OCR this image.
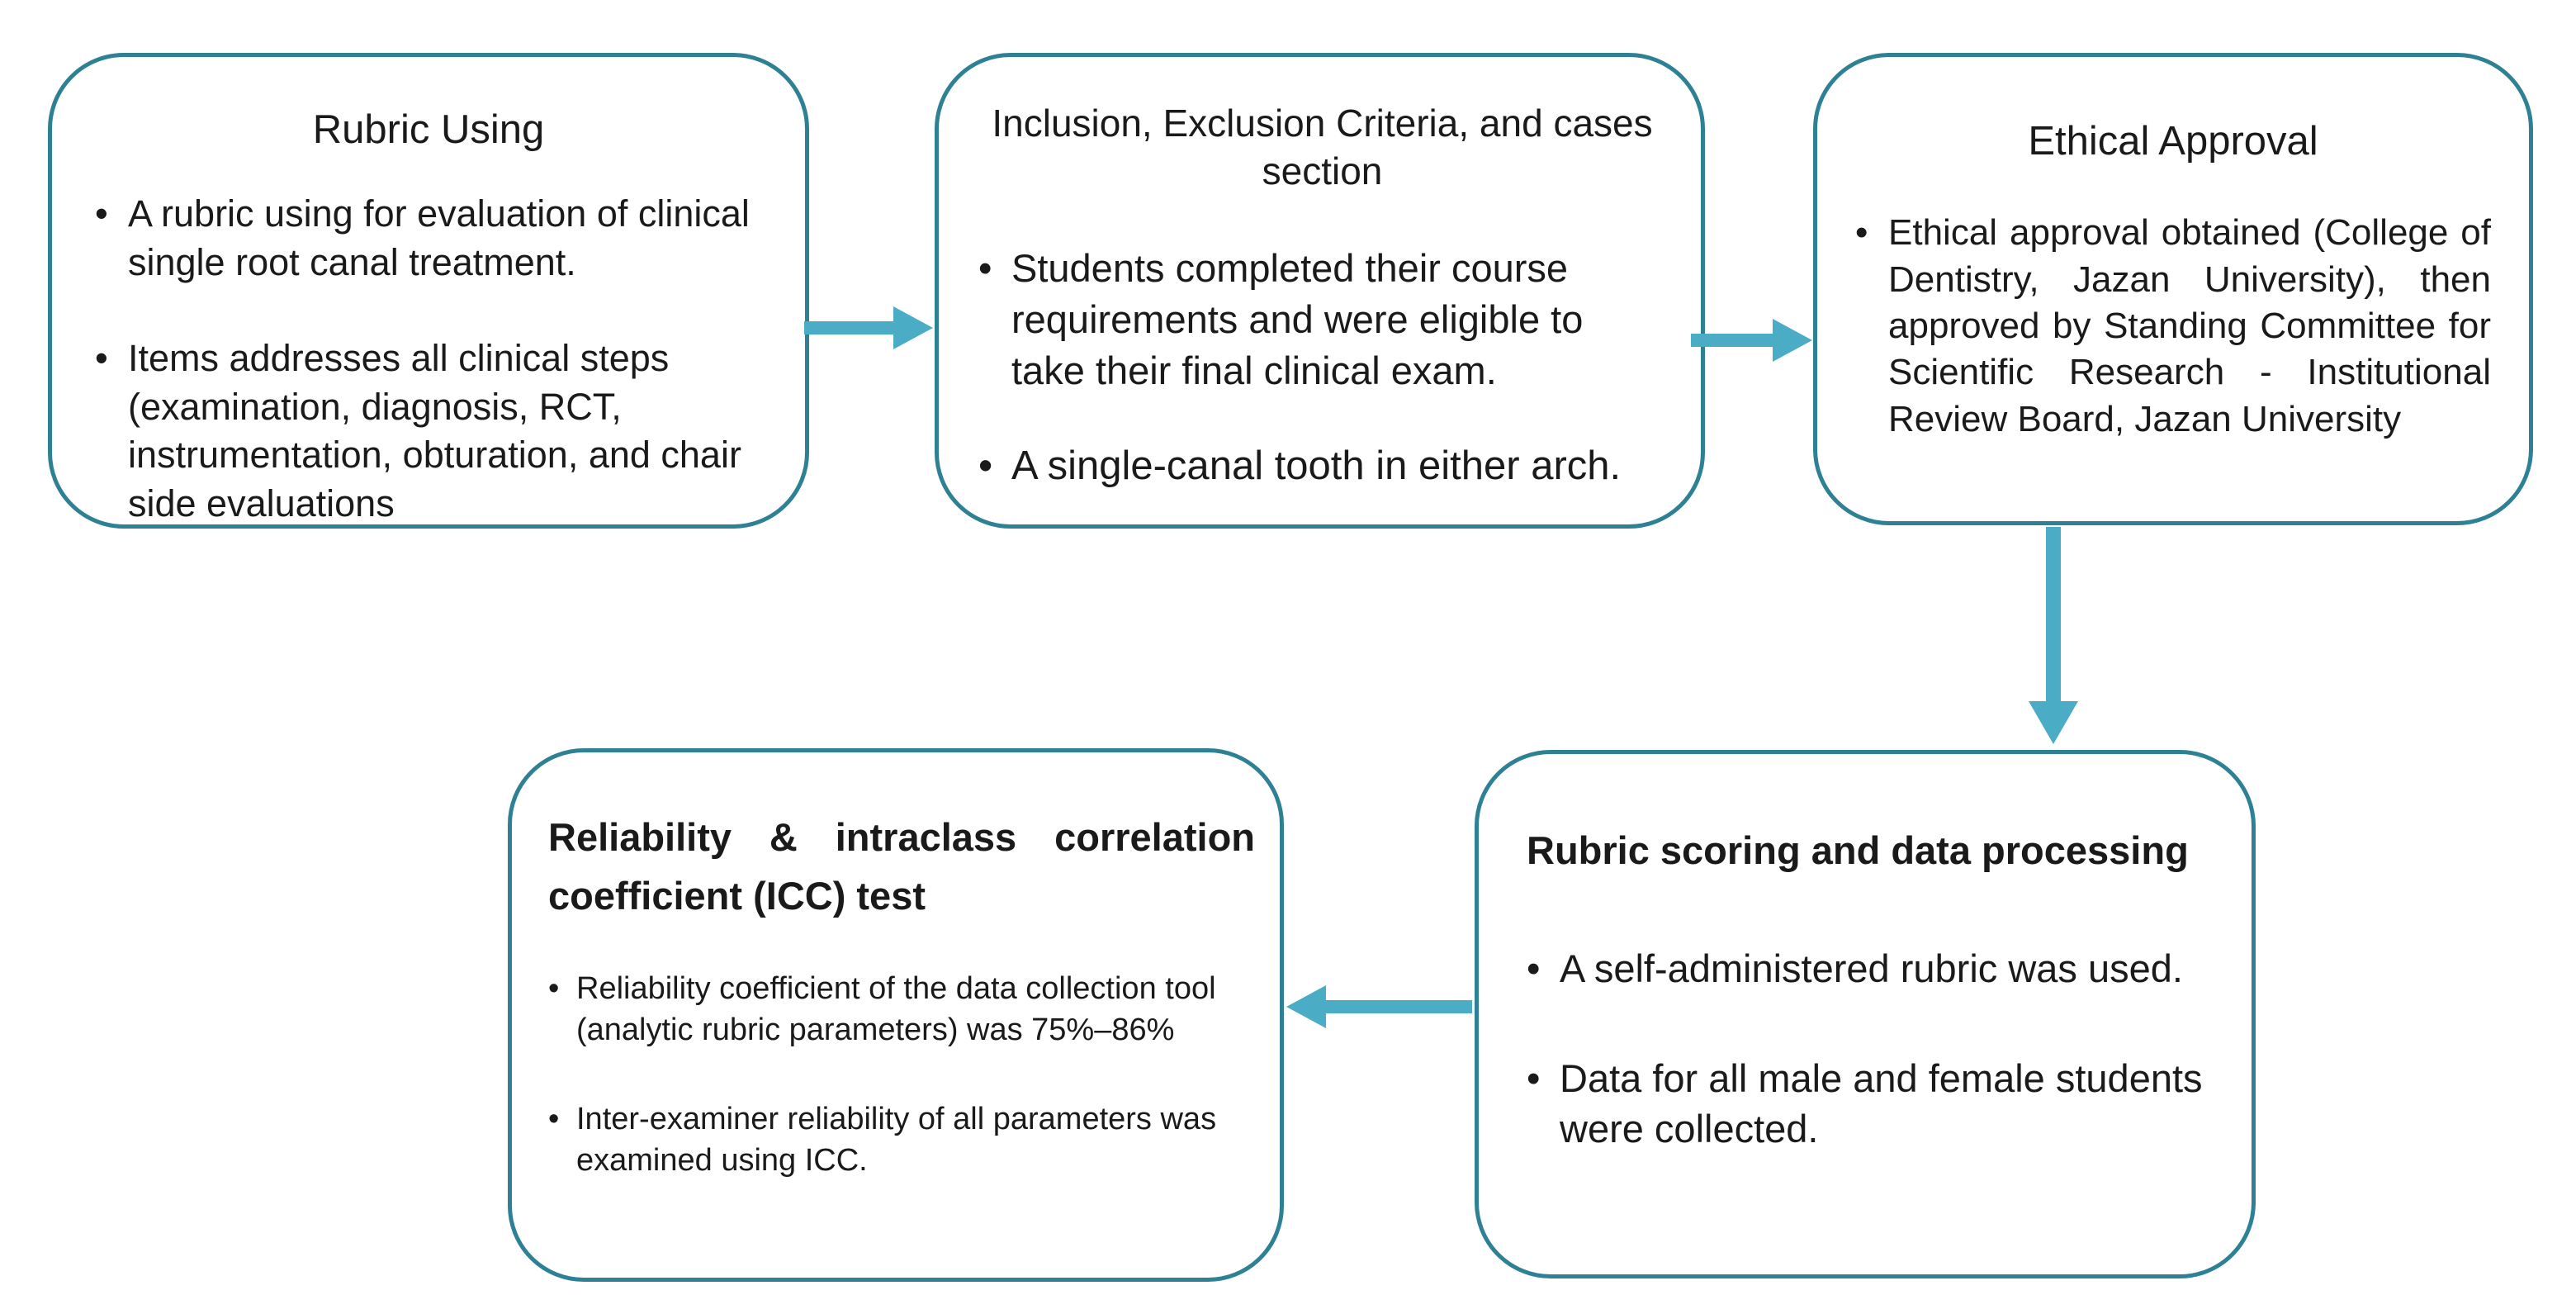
Rubric Using
• A rubric using for evaluation of clinical single root canal treatment.
• Items addresses all clinical steps (examination, diagnosis, RCT, instrumentation, obturation, and chair side evaluations
Inclusion, Exclusion Criteria, and cases section
• Students completed their course requirements and were eligible to take their final clinical exam.
• A single-canal tooth in either arch.
Ethical Approval
• Ethical approval obtained (College of Dentistry, Jazan University), then approved by Standing Committee for Scientific Research - Institutional Review Board, Jazan University
Rubric scoring and data processing
• A self-administered rubric was used.
• Data for all male and female students were collected.
Reliability & intraclass correlation coefficient (ICC) test
• Reliability coefficient of the data collection tool (analytic rubric parameters) was 75%–86%
• Inter-examiner reliability of all parameters was examined using ICC.
